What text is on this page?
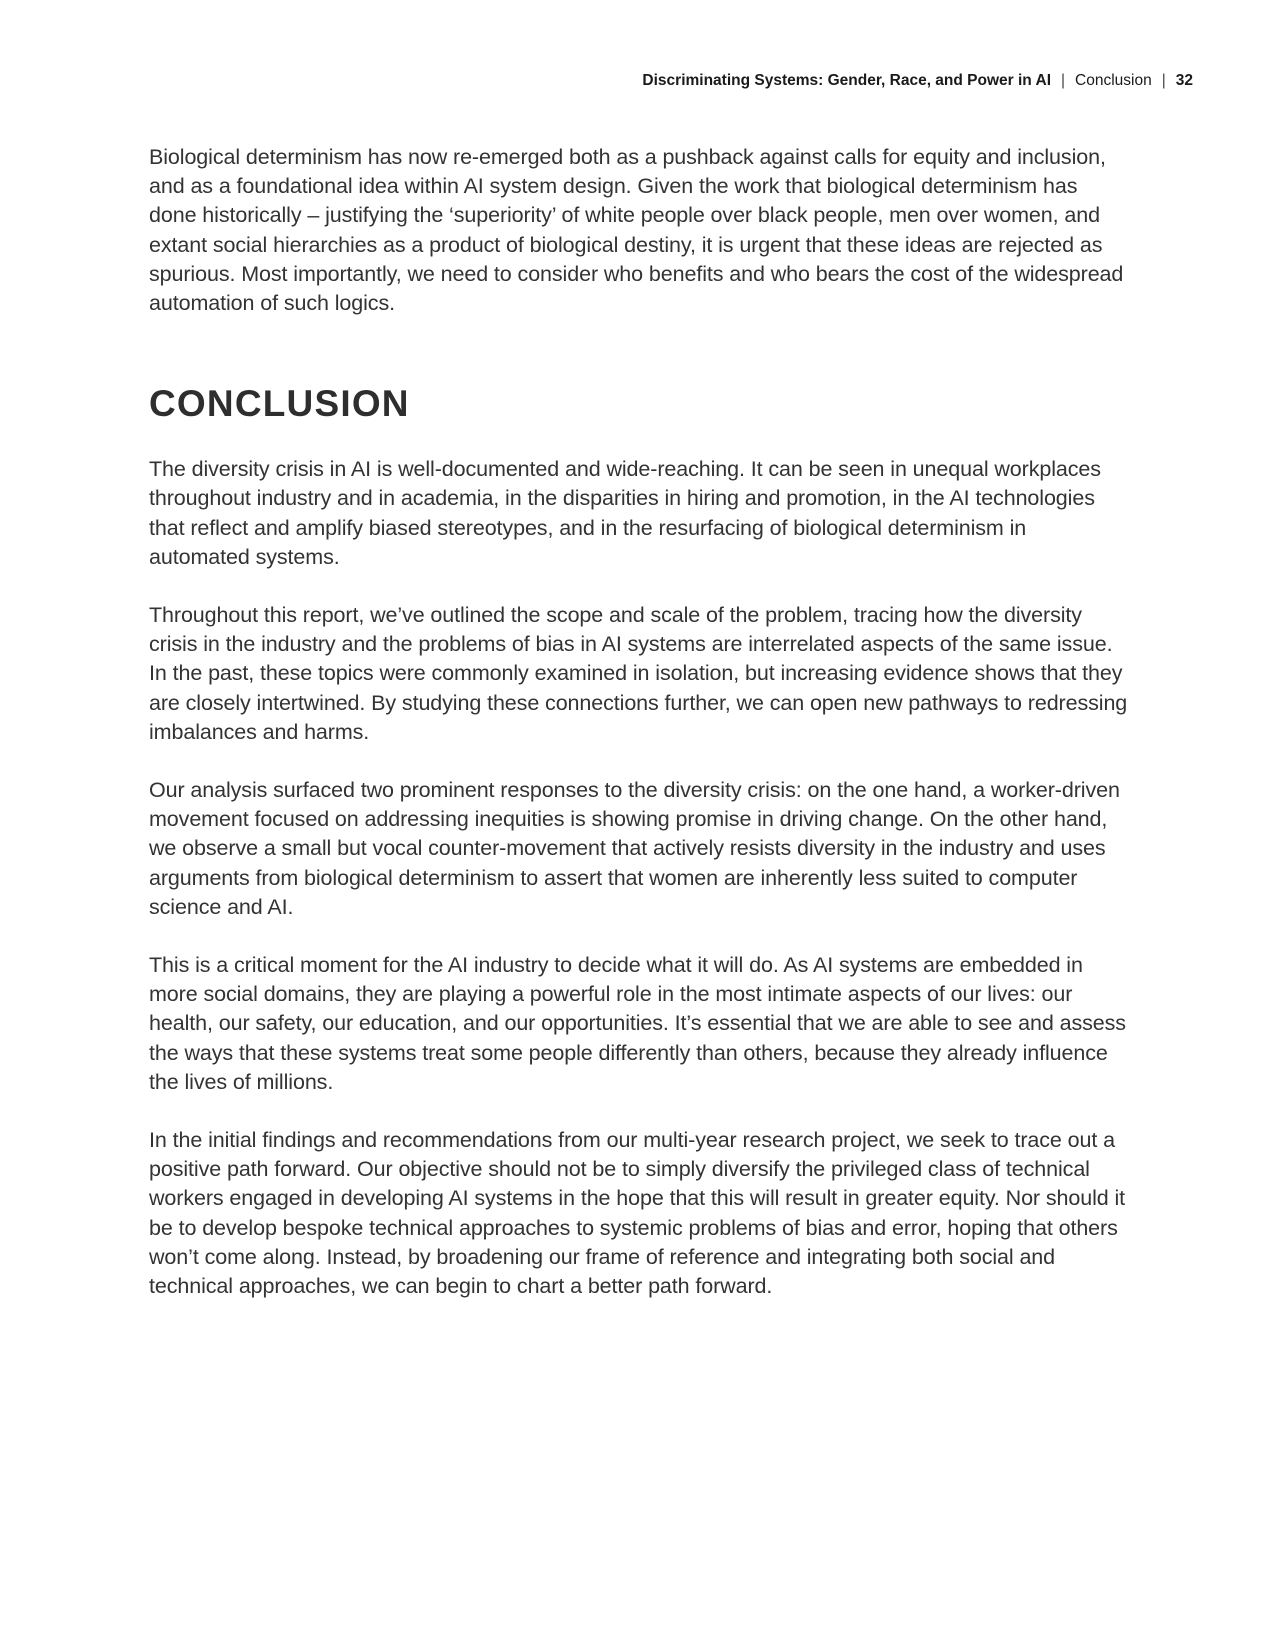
Discriminating Systems: Gender, Race, and Power in AI | Conclusion | 32

Biological determinism has now re-emerged both as a pushback against calls for equity and inclusion, and as a foundational idea within AI system design. Given the work that biological determinism has done historically – justifying the ‘superiority’ of white people over black people, men over women, and extant social hierarchies as a product of biological destiny, it is urgent that these ideas are rejected as spurious. Most importantly, we need to consider who benefits and who bears the cost of the widespread automation of such logics.

CONCLUSION

The diversity crisis in AI is well-documented and wide-reaching. It can be seen in unequal workplaces throughout industry and in academia, in the disparities in hiring and promotion, in the AI technologies that reflect and amplify biased stereotypes, and in the resurfacing of biological determinism in automated systems.

Throughout this report, we’ve outlined the scope and scale of the problem, tracing how the diversity crisis in the industry and the problems of bias in AI systems are interrelated aspects of the same issue. In the past, these topics were commonly examined in isolation, but increasing evidence shows that they are closely intertwined. By studying these connections further, we can open new pathways to redressing imbalances and harms.

Our analysis surfaced two prominent responses to the diversity crisis: on the one hand, a worker-driven movement focused on addressing inequities is showing promise in driving change. On the other hand, we observe a small but vocal counter-movement that actively resists diversity in the industry and uses arguments from biological determinism to assert that women are inherently less suited to computer science and AI.

This is a critical moment for the AI industry to decide what it will do. As AI systems are embedded in more social domains, they are playing a powerful role in the most intimate aspects of our lives: our health, our safety, our education, and our opportunities. It’s essential that we are able to see and assess the ways that these systems treat some people differently than others, because they already influence the lives of millions.

In the initial findings and recommendations from our multi-year research project, we seek to trace out a positive path forward. Our objective should not be to simply diversify the privileged class of technical workers engaged in developing AI systems in the hope that this will result in greater equity. Nor should it be to develop bespoke technical approaches to systemic problems of bias and error, hoping that others won’t come along. Instead, by broadening our frame of reference and integrating both social and technical approaches, we can begin to chart a better path forward.
